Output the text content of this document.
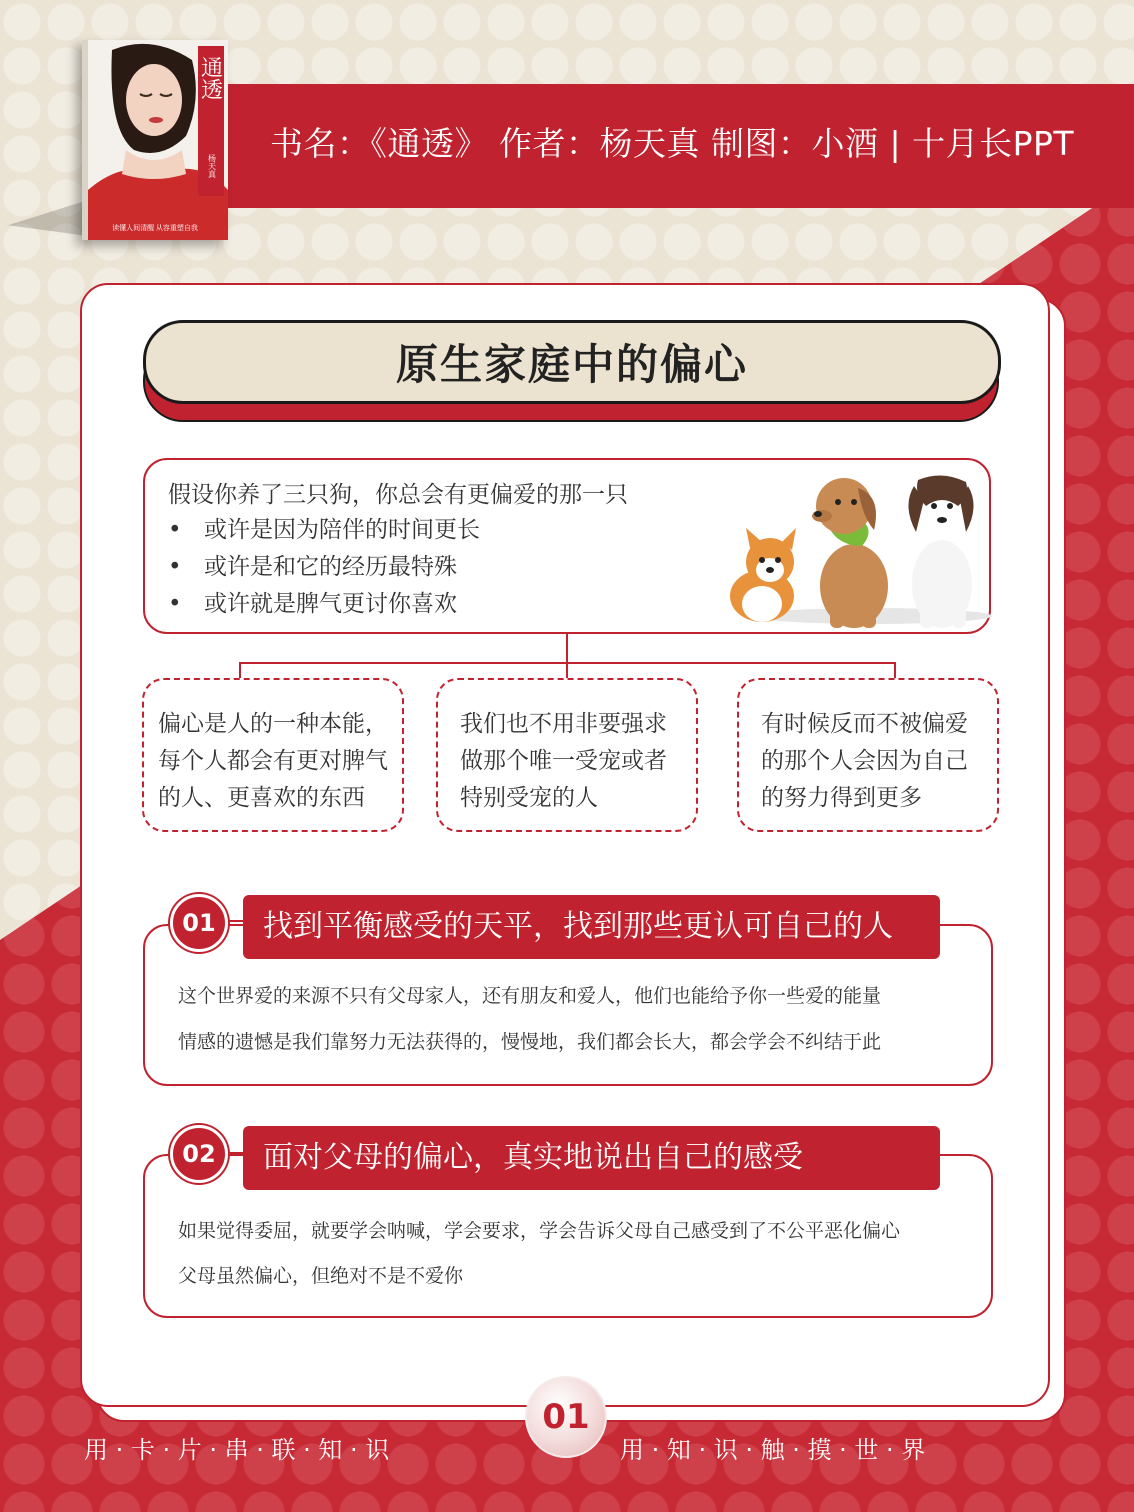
书名：《通透》 作者：杨天真 制图：小酒 | 十月长PPT
通透
杨天真
读懂人间清醒 从容重塑自我
原生家庭中的偏心
假设你养了三只狗，你总会有更偏爱的那一只
• 或许是因为陪伴的时间更长
• 或许是和它的经历最特殊
• 或许就是脾气更讨你喜欢
偏心是人的一种本能，
每个人都会有更对脾气
的人、更喜欢的东西
我们也不用非要强求
做那个唯一受宠或者
特别受宠的人
有时候反而不被偏爱
的那个人会因为自己
的努力得到更多
找到平衡感受的天平，找到那些更认可自己的人
01
这个世界爱的来源不只有父母家人，还有朋友和爱人，他们也能给予你一些爱的能量
情感的遗憾是我们靠努力无法获得的，慢慢地，我们都会长大，都会学会不纠结于此
面对父母的偏心，真实地说出自己的感受
02
如果觉得委屈，就要学会呐喊，学会要求，学会告诉父母自己感受到了不公平恶化偏心
父母虽然偏心，但绝对不是不爱你
用 · 卡 · 片 · 串 · 联 · 知 · 识
01
用 · 知 · 识 · 触 · 摸 · 世 · 界
